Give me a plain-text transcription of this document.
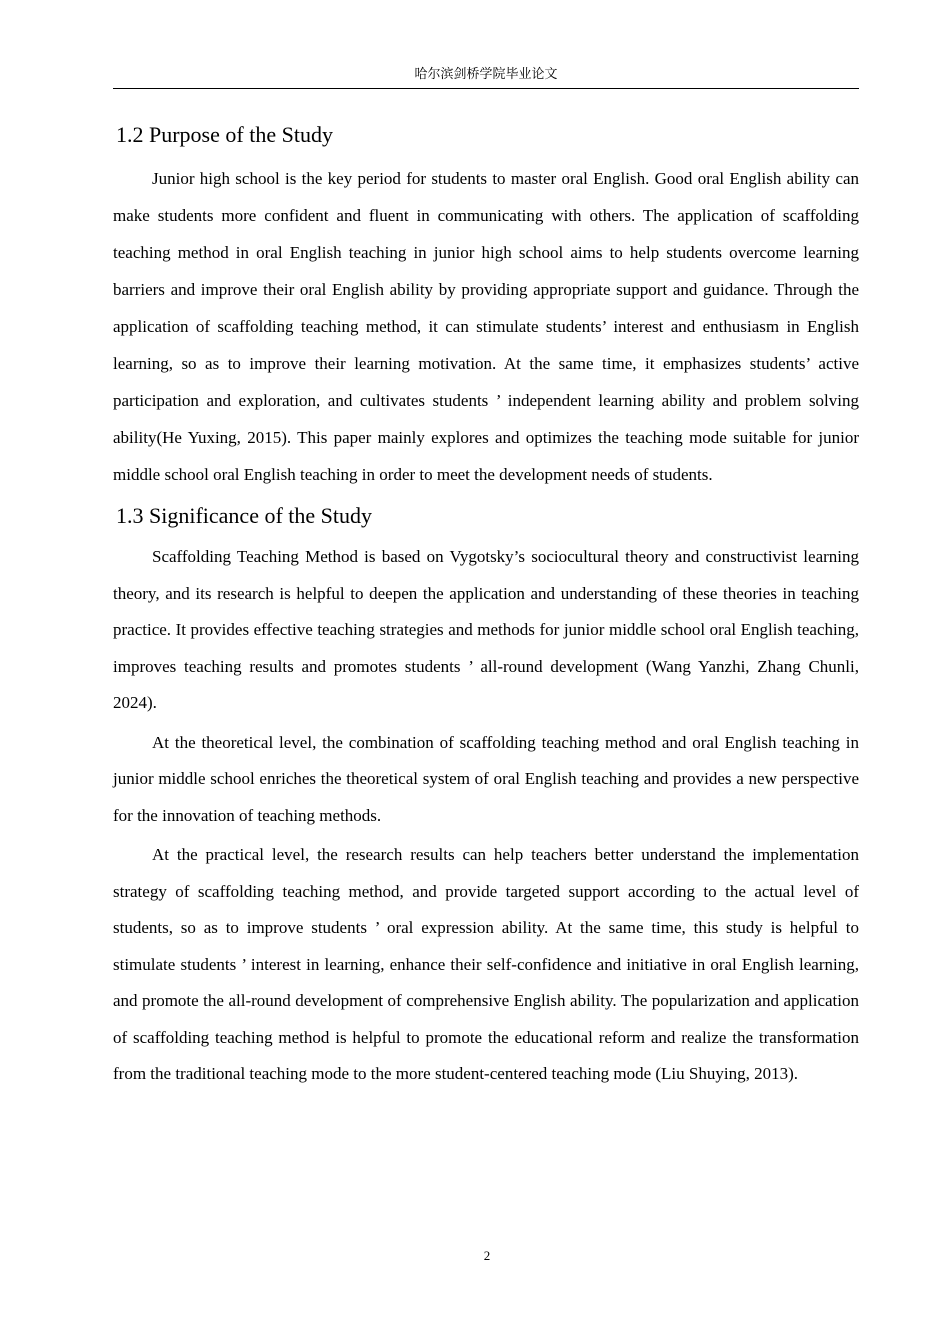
哈尔滨剑桥学院毕业论文
1.2 Purpose of the Study

Junior high school is the key period for students to master oral English. Good oral English ability can make students more confident and fluent in communicating with others. The application of scaffolding teaching method in oral English teaching in junior high school aims to help students overcome learning barriers and improve their oral English ability by providing appropriate support and guidance. Through the application of scaffolding teaching method, it can stimulate students’ interest and enthusiasm in English learning, so as to improve their learning motivation. At the same time, it emphasizes students’ active participation and exploration, and cultivates students ’ independent learning ability and problem solving ability(He Yuxing, 2015). This paper mainly explores and optimizes the teaching mode suitable for junior middle school oral English teaching in order to meet the development needs of students.

1.3 Significance of the Study

Scaffolding Teaching Method is based on Vygotsky’s sociocultural theory and constructivist learning theory, and its research is helpful to deepen the application and understanding of these theories in teaching practice. It provides effective teaching strategies and methods for junior middle school oral English teaching, improves teaching results and promotes students ’ all-round development (Wang Yanzhi, Zhang Chunli, 2024).

At the theoretical level, the combination of scaffolding teaching method and oral English teaching in junior middle school enriches the theoretical system of oral English teaching and provides a new perspective for the innovation of teaching methods.

At the practical level, the research results can help teachers better understand the implementation strategy of scaffolding teaching method, and provide targeted support according to the actual level of students, so as to improve students ’ oral expression ability. At the same time, this study is helpful to stimulate students ’ interest in learning, enhance their self-confidence and initiative in oral English learning, and promote the all-round development of comprehensive English ability. The popularization and application of scaffolding teaching method is helpful to promote the educational reform and realize the transformation from the traditional teaching mode to the more student-centered teaching mode (Liu Shuying, 2013).

2
